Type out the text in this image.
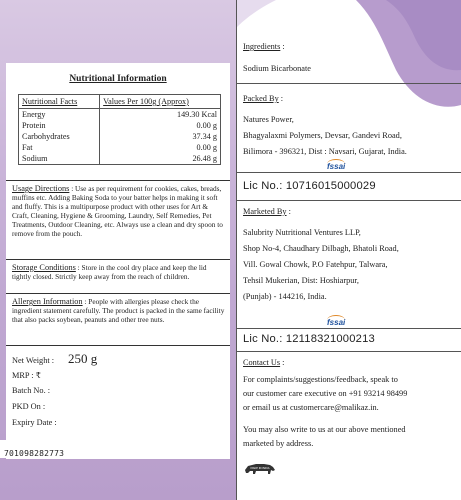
Nutritional Information
Nutritional Facts	Values Per 100g (Approx)
Energy	149.30 Kcal
Protein	0.00 g
Carbohydrates	37.34 g
Fat	0.00 g
Sodium	26.48 g
Usage Directions : Use as per requirement for cookies, cakes, breads, muffins etc. Adding Baking Soda to your batter helps in making it soft and fluffy. This is a multipurpose product with other uses for Art & Craft, Cleaning, Hygiene & Grooming, Laundry, Self Remedies, Pet Treatments, Outdoor Cleaning, etc. Always use a clean and dry spoon to remove from the pouch.
Storage Conditions : Store in the cool dry place and keep the lid tightly closed. Strictly keep away from the reach of children.
Allergen Information : People with allergies please check the ingredient statement carefully. The product is packed in the same facility that also packs soybean, peanuts and other tree nuts.
Net Weight : 250 g
MRP : ₹
Batch No. :
PKD On :
Expiry Date :
701098282773
Ingredients :
Sodium Bicarbonate
Packed By :
Natures Power,
Bhagyalaxmi Polymers, Devsar, Gandevi Road,
Bilimora - 396321, Dist : Navsari, Gujarat, India.
fssai
Lic No.: 10716015000029
Marketed By :
Salubrity Nutritional Ventures LLP,
Shop No-4, Chaudhary Dilbagh, Bhatoli Road,
Vill. Gowal Chowk, P.O Fatehpur, Talwara,
Tehsil Mukerian, Dist: Hoshiarpur,
(Punjab) - 144216, India.
fssai
Lic No.: 12118321000213
Contact Us :
For complaints/suggestions/feedback, speak to
our customer care executive on +91 93214 98499
or email us at customercare@malikaz.in.
You may also write to us at our above mentioned
marketed by address.
MAKE IN INDIA
